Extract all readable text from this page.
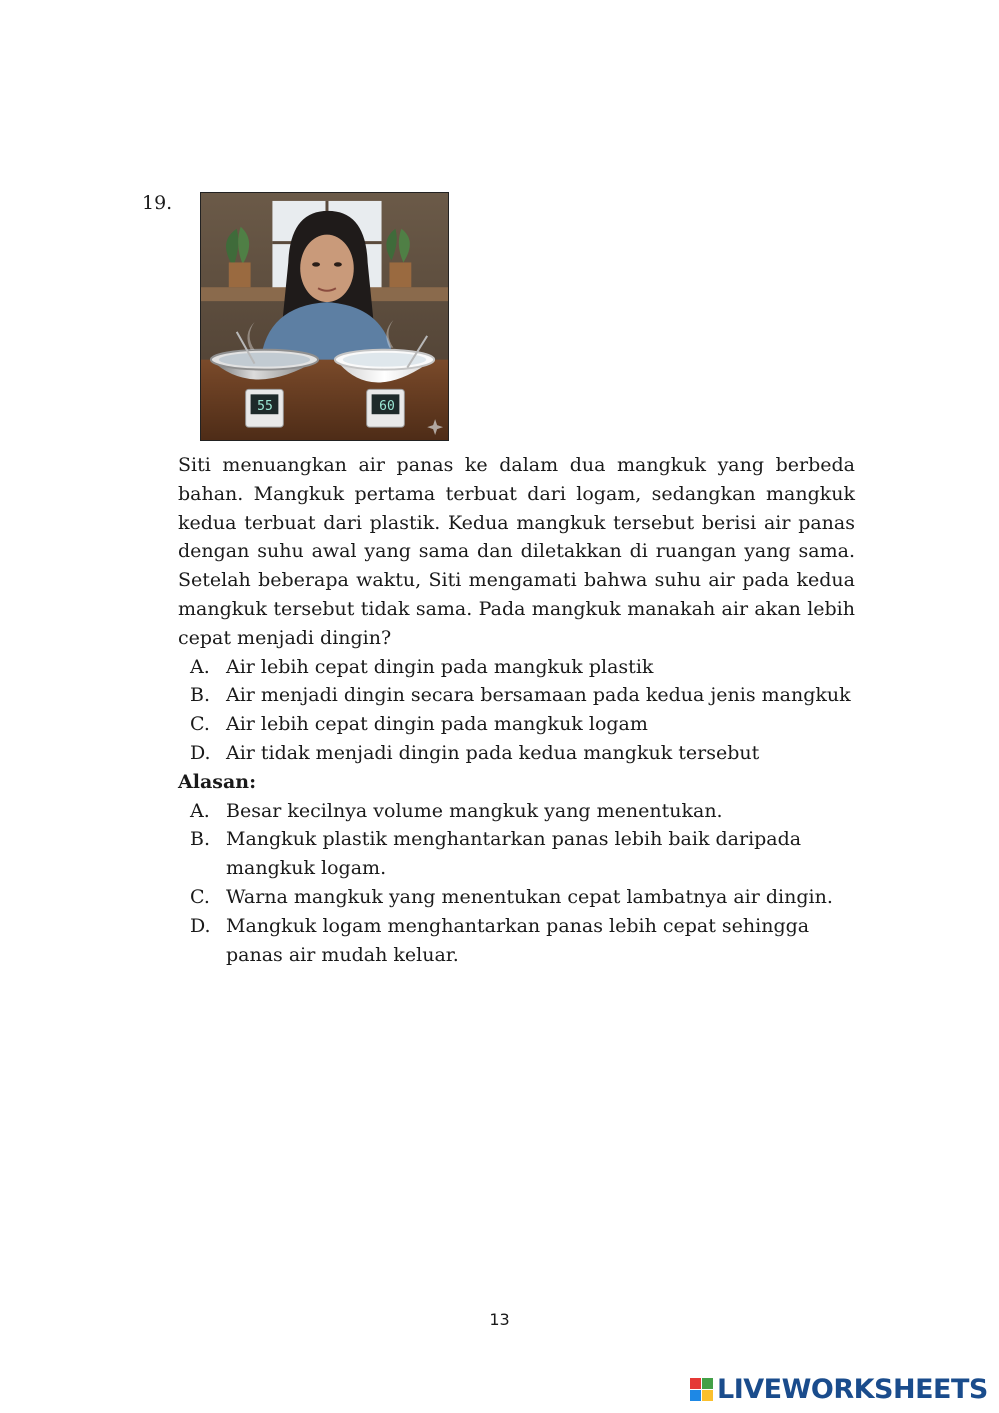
19.
55	60

Siti menuangkan air panas ke dalam dua mangkuk yang berbeda bahan. Mangkuk pertama terbuat dari logam, sedangkan mangkuk kedua terbuat dari plastik. Kedua mangkuk tersebut berisi air panas dengan suhu awal yang sama dan diletakkan di ruangan yang sama. Setelah beberapa waktu, Siti mengamati bahwa suhu air pada kedua mangkuk tersebut tidak sama. Pada mangkuk manakah air akan lebih cepat menjadi dingin?

A. Air lebih cepat dingin pada mangkuk plastik
B. Air menjadi dingin secara bersamaan pada kedua jenis mangkuk
C. Air lebih cepat dingin pada mangkuk logam
D. Air tidak menjadi dingin pada kedua mangkuk tersebut
Alasan:
A. Besar kecilnya volume mangkuk yang menentukan.
B. Mangkuk plastik menghantarkan panas lebih baik daripada mangkuk logam.
C. Warna mangkuk yang menentukan cepat lambatnya air dingin.
D. Mangkuk logam menghantarkan panas lebih cepat sehingga panas air mudah keluar.
13
LIVEWORKSHEETS
